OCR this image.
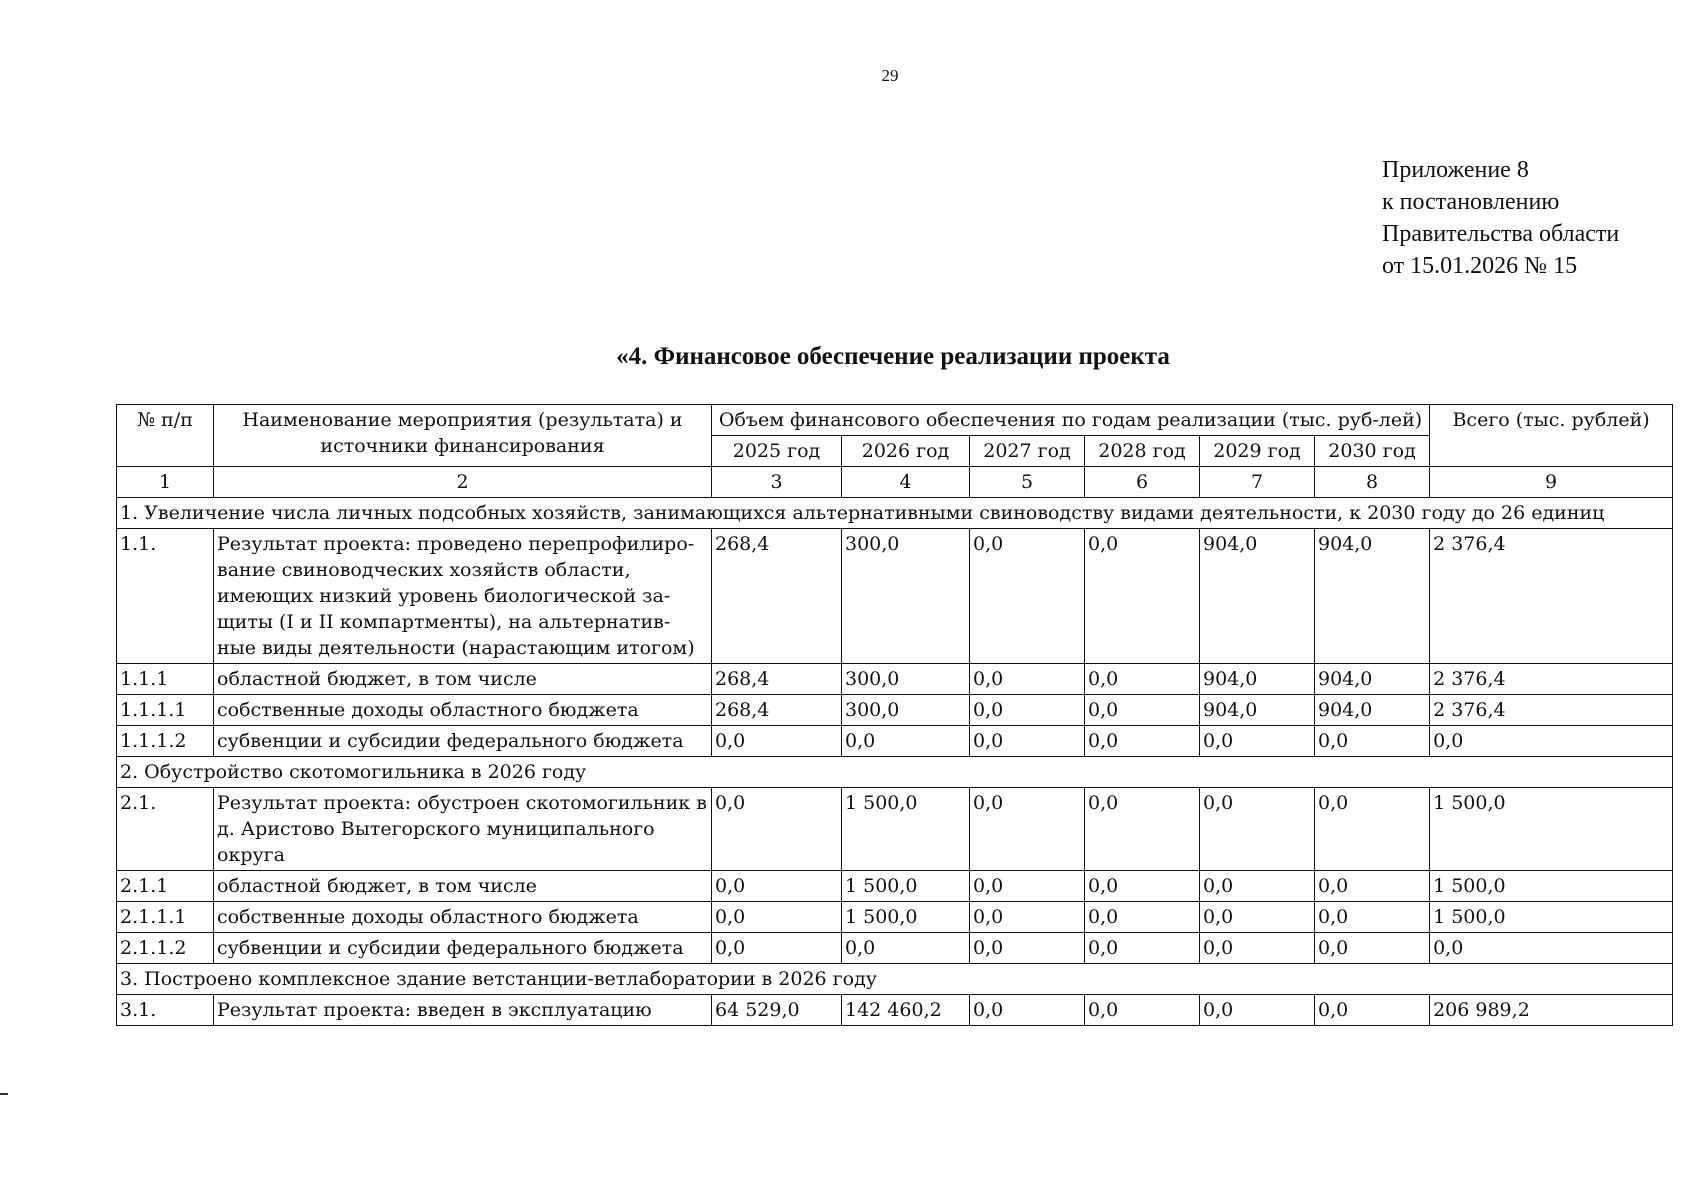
29
Приложение 8
к постановлению
Правительства области
от 15.01.2026 № 15
«4. Финансовое обеспечение реализации проекта
№ п/п	Наименование мероприятия (результата) и источники финансирования	Объем финансового обеспечения по годам реализации (тыс. руб-лей)						Всего (тыс. рублей)
		2025 год	2026 год	2027 год	2028 год	2029 год	2030 год	
1	2	3	4	5	6	7	8	9
1. Увеличение числа личных подсобных хозяйств, занимающихся альтернативными свиноводству видами деятельности, к 2030 году до 26 единиц								
1.1.	Результат проекта: проведено перепрофилиро-вание свиноводческих хозяйств области, имеющих низкий уровень биологической за-щиты (I и II компартменты), на альтернатив-ные виды деятельности (нарастающим итогом)	268,4	300,0	0,0	0,0	904,0	904,0	2 376,4
1.1.1	областной бюджет, в том числе	268,4	300,0	0,0	0,0	904,0	904,0	2 376,4
1.1.1.1	собственные доходы областного бюджета	268,4	300,0	0,0	0,0	904,0	904,0	2 376,4
1.1.1.2	субвенции и субсидии федерального бюджета	0,0	0,0	0,0	0,0	0,0	0,0	0,0
2. Обустройство скотомогильника в 2026 году								
2.1.	Результат проекта: обустроен скотомогильник в д. Аристово Вытегорского муниципального округа	0,0	1 500,0	0,0	0,0	0,0	0,0	1 500,0
2.1.1	областной бюджет, в том числе	0,0	1 500,0	0,0	0,0	0,0	0,0	1 500,0
2.1.1.1	собственные доходы областного бюджета	0,0	1 500,0	0,0	0,0	0,0	0,0	1 500,0
2.1.1.2	субвенции и субсидии федерального бюджета	0,0	0,0	0,0	0,0	0,0	0,0	0,0
3. Построено комплексное здание ветстанции-ветлаборатории в 2026 году								
3.1.	Результат проекта: введен в эксплуатацию	64 529,0	142 460,2	0,0	0,0	0,0	0,0	206 989,2
